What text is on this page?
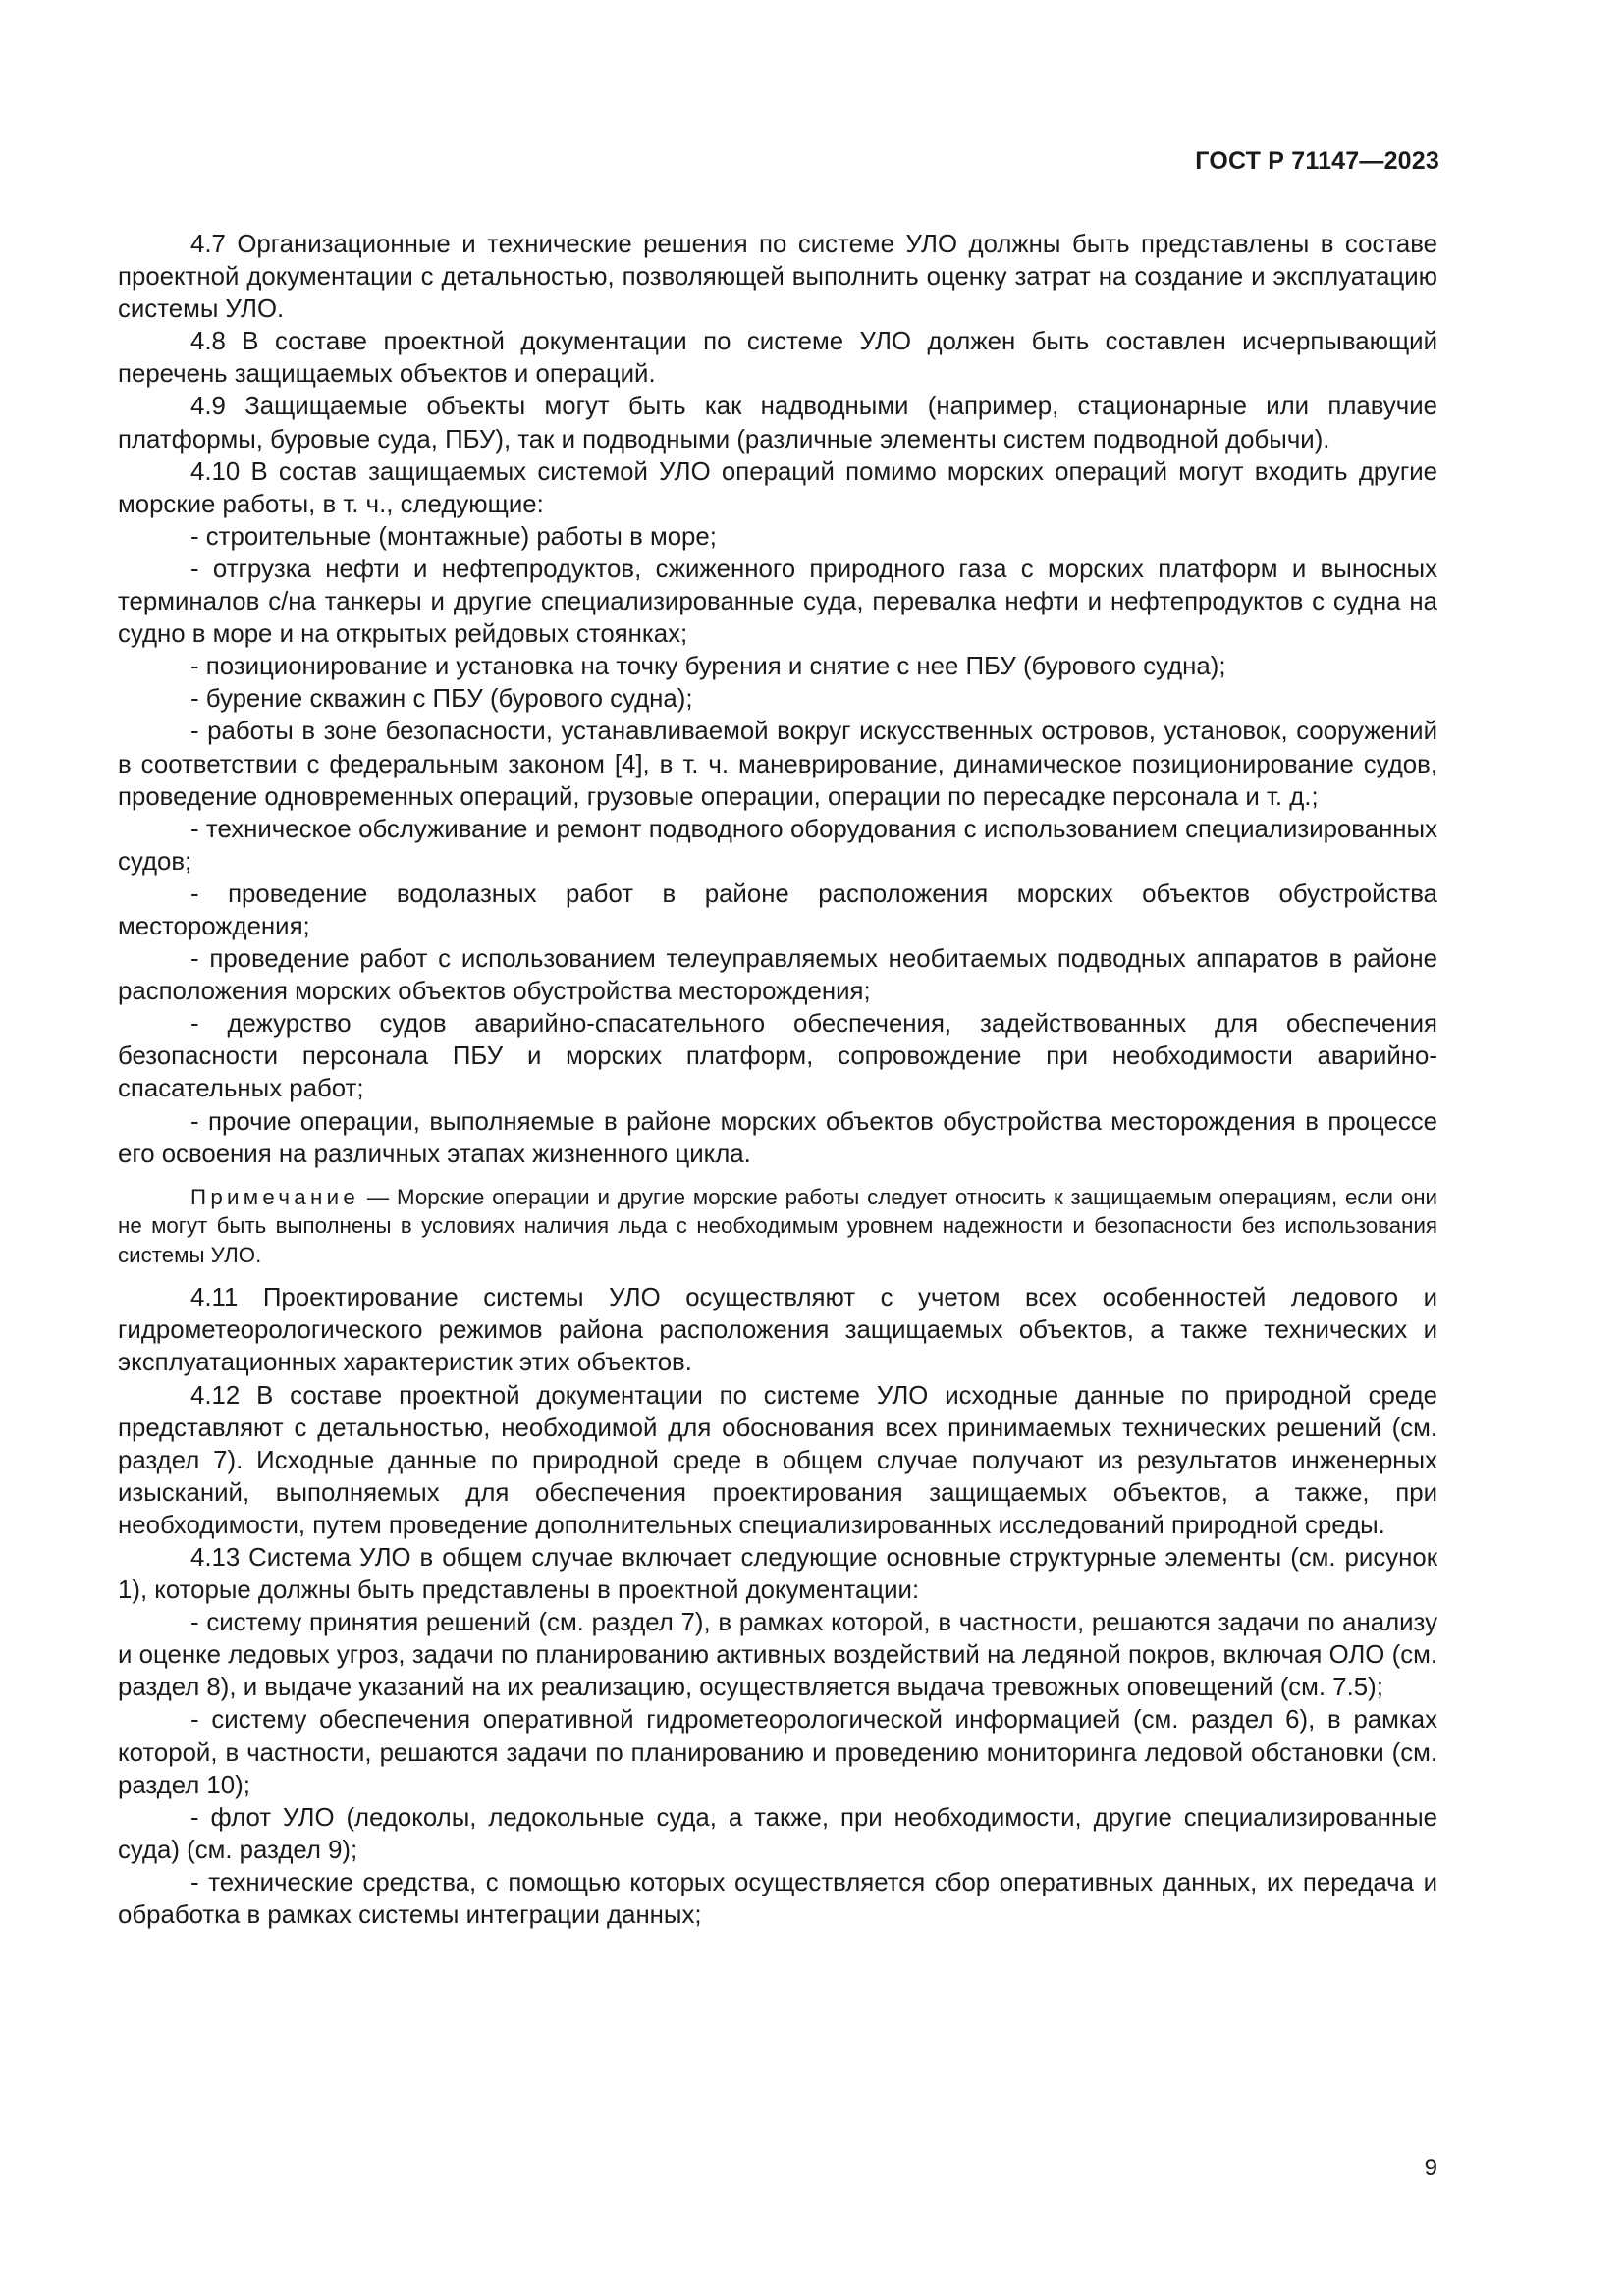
ГОСТ Р 71147—2023

4.7 Организационные и технические решения по системе УЛО должны быть представлены в составе проектной документации с детальностью, позволяющей выполнить оценку затрат на создание и эксплуатацию системы УЛО.

4.8 В составе проектной документации по системе УЛО должен быть составлен исчерпывающий перечень защищаемых объектов и операций.

4.9 Защищаемые объекты могут быть как надводными (например, стационарные или плавучие платформы, буровые суда, ПБУ), так и подводными (различные элементы систем подводной добычи).

4.10 В состав защищаемых системой УЛО операций помимо морских операций могут входить другие морские работы, в т. ч., следующие:

- строительные (монтажные) работы в море;

- отгрузка нефти и нефтепродуктов, сжиженного природного газа с морских платформ и выносных терминалов с/на танкеры и другие специализированные суда, перевалка нефти и нефтепродуктов с судна на судно в море и на открытых рейдовых стоянках;

- позиционирование и установка на точку бурения и снятие с нее ПБУ (бурового судна);

- бурение скважин с ПБУ (бурового судна);

- работы в зоне безопасности, устанавливаемой вокруг искусственных островов, установок, сооружений в соответствии с федеральным законом [4], в т. ч. маневрирование, динамическое позиционирование судов, проведение одновременных операций, грузовые операции, операции по пересадке персонала и т. д.;

- техническое обслуживание и ремонт подводного оборудования с использованием специализированных судов;

- проведение водолазных работ в районе расположения морских объектов обустройства месторождения;

- проведение работ с использованием телеуправляемых необитаемых подводных аппаратов в районе расположения морских объектов обустройства месторождения;

- дежурство судов аварийно-спасательного обеспечения, задействованных для обеспечения безопасности персонала ПБУ и морских платформ, сопровождение при необходимости аварийно-спасательных работ;

- прочие операции, выполняемые в районе морских объектов обустройства месторождения в процессе его освоения на различных этапах жизненного цикла.

Примечание — Морские операции и другие морские работы следует относить к защищаемым операциям, если они не могут быть выполнены в условиях наличия льда с необходимым уровнем надежности и безопасности без использования системы УЛО.

4.11 Проектирование системы УЛО осуществляют с учетом всех особенностей ледового и гидрометеорологического режимов района расположения защищаемых объектов, а также технических и эксплуатационных характеристик этих объектов.

4.12 В составе проектной документации по системе УЛО исходные данные по природной среде представляют с детальностью, необходимой для обоснования всех принимаемых технических решений (см. раздел 7). Исходные данные по природной среде в общем случае получают из результатов инженерных изысканий, выполняемых для обеспечения проектирования защищаемых объектов, а также, при необходимости, путем проведение дополнительных специализированных исследований природной среды.

4.13 Система УЛО в общем случае включает следующие основные структурные элементы (см. рисунок 1), которые должны быть представлены в проектной документации:

- систему принятия решений (см. раздел 7), в рамках которой, в частности, решаются задачи по анализу и оценке ледовых угроз, задачи по планированию активных воздействий на ледяной покров, включая ОЛО (см. раздел 8), и выдаче указаний на их реализацию, осуществляется выдача тревожных оповещений (см. 7.5);

- систему обеспечения оперативной гидрометеорологической информацией (см. раздел 6), в рамках которой, в частности, решаются задачи по планированию и проведению мониторинга ледовой обстановки (см. раздел 10);

- флот УЛО (ледоколы, ледокольные суда, а также, при необходимости, другие специализированные суда) (см. раздел 9);

- технические средства, с помощью которых осуществляется сбор оперативных данных, их передача и обработка в рамках системы интеграции данных;

9
